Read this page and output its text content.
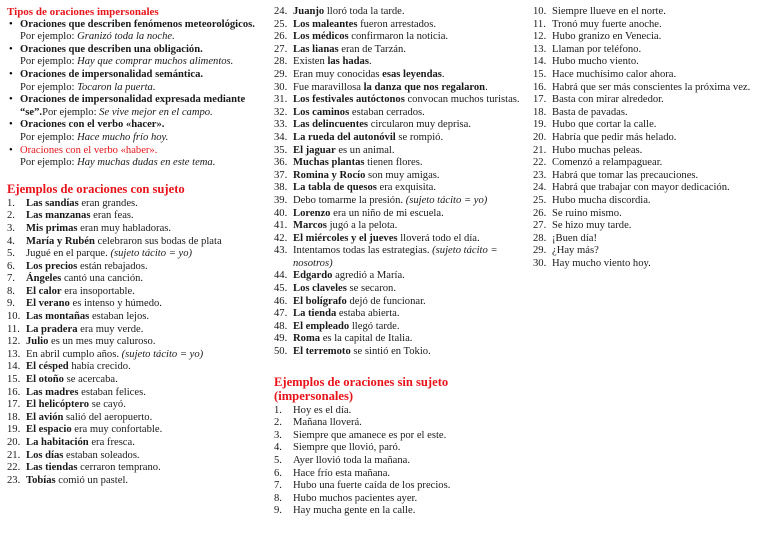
Tipos de oraciones impersonales
• Oraciones que describen fenómenos meteorológicos.
Por ejemplo: Granizó toda la noche.
• Oraciones que describen una obligación.
Por ejemplo: Hay que comprar muchos alimentos.
• Oraciones de impersonalidad semántica.
Por ejemplo: Tocaron la puerta.
• Oraciones de impersonalidad expresada mediante “se”.Por ejemplo: Se vive mejor en el campo.
• Oraciones con el verbo «hacer».
Por ejemplo: Hace mucho frío hoy.
• Oraciones con el verbo «haber».
Por ejemplo: Hay muchas dudas en este tema.
Ejemplos de oraciones con sujeto
1.	Las sandías eran grandes.
2.	Las manzanas eran feas.
3.	Mis primas eran muy habladoras.
4.	María y Rubén celebraron sus bodas de plata
5.	Jugué en el parque. (sujeto tácito = yo)
6.	Los precios están rebajados.
7.	Ángeles cantó una canción.
8.	El calor era insoportable.
9.	El verano es intenso y húmedo.
10. Las montañas estaban lejos.
11. La pradera era muy verde.
12. Julio es un mes muy caluroso.
13. En abril cumplo años. (sujeto tácito = yo)
14. El césped había crecido.
15. El otoño se acercaba.
16. Las madres estaban felices.
17. El helicóptero se cayó.
18. El avión salió del aeropuerto.
19. El espacio era muy confortable.
20. La habitación era fresca.
21. Los días estaban soleados.
22. Las tiendas cerraron temprano.
23. Tobías comió un pastel.
24. Juanjo lloró toda la tarde.
25. Los maleantes fueron arrestados.
26. Los médicos confirmaron la noticia.
27. Las lianas eran de Tarzán.
28. Existen las hadas.
29. Eran muy conocidas esas leyendas.
30. Fue maravillosa la danza que nos regalaron.
31. Los festivales autóctonos convocan muchos turistas.
32. Los caminos estaban cerrados.
33. Las delincuentes circularon muy deprisa.
34. La rueda del autonóvil se rompió.
35. El jaguar es un animal.
36. Muchas plantas tienen flores.
37. Romina y Rocío son muy amigas.
38. La tabla de quesos era exquisita.
39. Debo tomarme la presión. (sujeto tácito = yo)
40. Lorenzo era un niño de mi escuela.
41. Marcos jugó a la pelota.
42. El miércoles y el jueves lloverá todo el día.
43. Intentamos todas las estrategias. (sujeto tácito = nosotros)
44. Edgardo agredió a María.
45. Los claveles se secaron.
46. El bolígrafo dejó de funcionar.
47. La tienda estaba abierta.
48. El empleado llegó tarde.
49. Roma es la capital de Italia.
50. El terremoto se sintió en Tokio.
Ejemplos de oraciones sin sujeto (impersonales)
1.	Hoy es el día.
2.	Mañana lloverá.
3.	Siempre que amanece es por el este.
4.	Siempre que llovió, paró.
5.	Ayer llovió toda la mañana.
6.	Hace frío esta mañana.
7.	Hubo una fuerte caída de los precios.
8.	Hubo muchos pacientes ayer.
9.	Hay mucha gente en la calle.
10. Siempre llueve en el norte.
11. Tronó muy fuerte anoche.
12. Hubo granizo en Venecia.
13. Llaman por teléfono.
14. Hubo mucho viento.
15. Hace muchísimo calor ahora.
16. Habrá que ser más conscientes la próxima vez.
17. Basta con mirar alrededor.
18. Basta de pavadas.
19. Hubo que cortar la calle.
20. Habría que pedir más helado.
21. Hubo muchas peleas.
22. Comenzó a relampaguear.
23. Habrá que tomar las precauciones.
24. Habrá que trabajar con mayor dedicación.
25. Hubo mucha discordia.
26. Se ruino mismo.
27. Se hizo muy tarde.
28. ¡Buen día!
29. ¿Hay más?
30. Hay mucho viento hoy.
